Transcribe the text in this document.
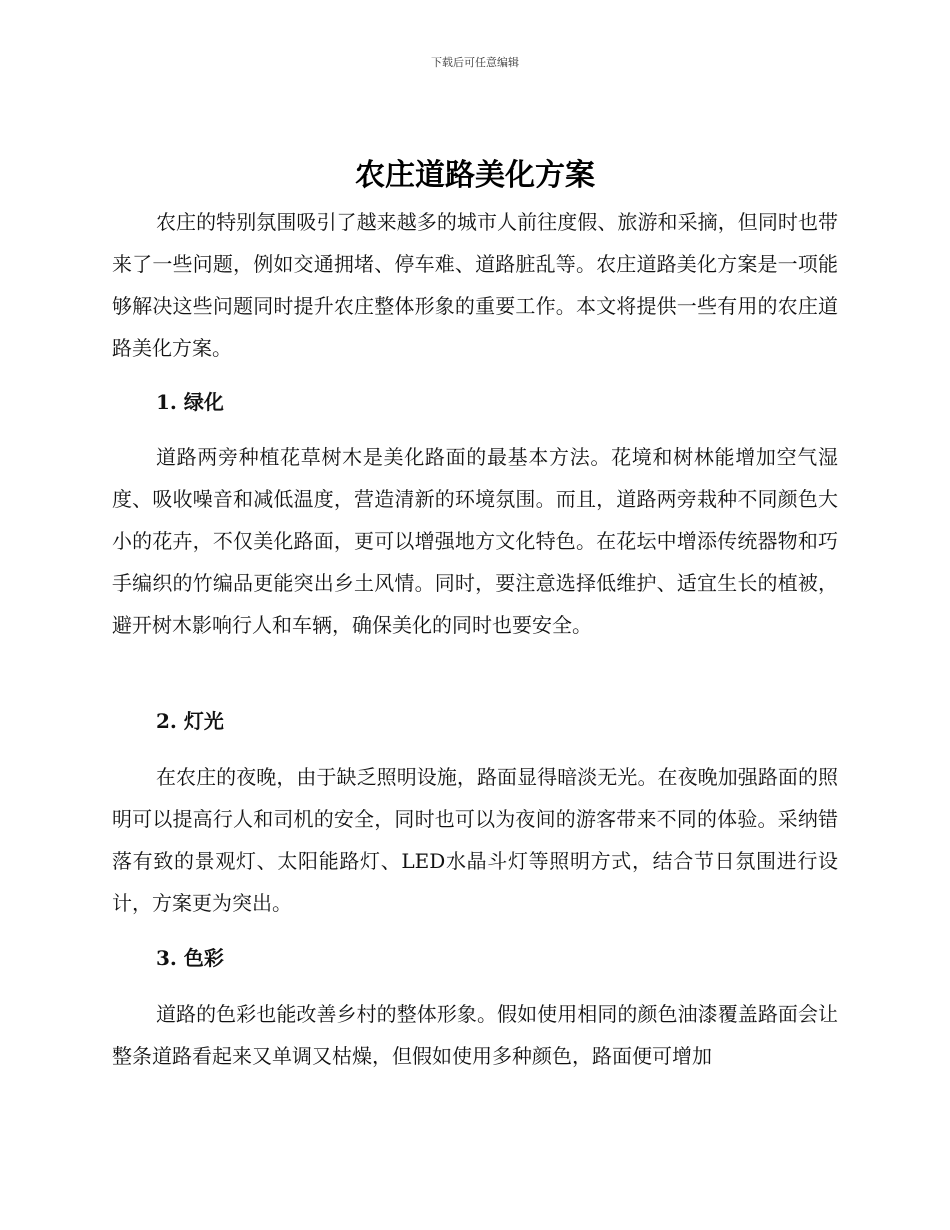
下载后可任意编辑
农庄道路美化方案

农庄的特别氛围吸引了越来越多的城市人前往度假、旅游和采摘，但同时也带来了一些问题，例如交通拥堵、停车难、道路脏乱等。农庄道路美化方案是一项能够解决这些问题同时提升农庄整体形象的重要工作。本文将提供一些有用的农庄道路美化方案。

1. 绿化

道路两旁种植花草树木是美化路面的最基本方法。花境和树林能增加空气湿度、吸收噪音和减低温度，营造清新的环境氛围。而且，道路两旁栽种不同颜色大小的花卉，不仅美化路面，更可以增强地方文化特色。在花坛中增添传统器物和巧手编织的竹编品更能突出乡土风情。同时，要注意选择低维护、适宜生长的植被，避开树木影响行人和车辆，确保美化的同时也要安全。

2. 灯光

在农庄的夜晚，由于缺乏照明设施，路面显得暗淡无光。在夜晚加强路面的照明可以提高行人和司机的安全，同时也可以为夜间的游客带来不同的体验。采纳错落有致的景观灯、太阳能路灯、LED水晶斗灯等照明方式，结合节日氛围进行设计，方案更为突出。

3. 色彩

道路的色彩也能改善乡村的整体形象。假如使用相同的颜色油漆覆盖路面会让整条道路看起来又单调又枯燥，但假如使用多种颜色，路面便可增加
